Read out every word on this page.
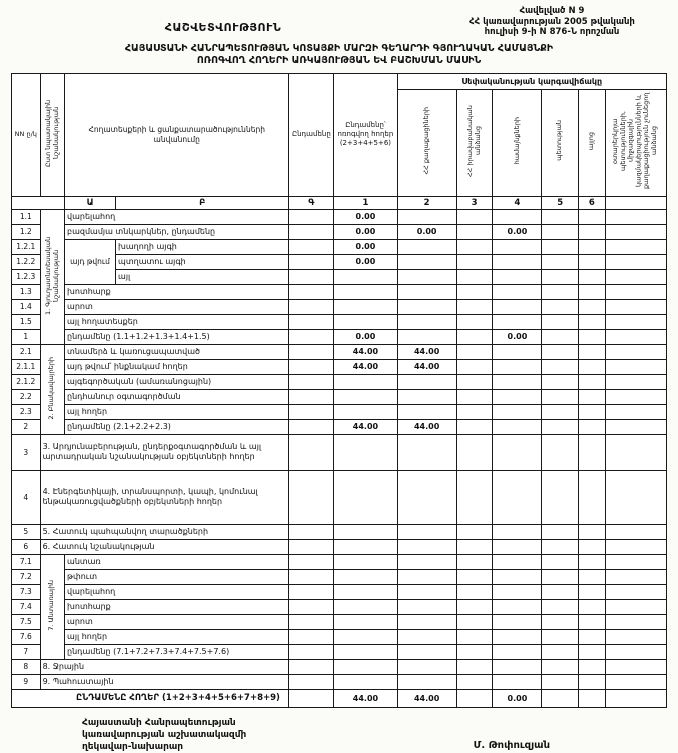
ՀԱՇՎԵՏՎՈՒԹՅՈՒՆ
Հավելված N 9
ՀՀ կառավարության 2005 թվականի
հուլիսի 9-ի N 876-Ն որոշման
ՀԱՅԱՍՏԱՆԻ ՀԱՆՐԱՊԵՏՈՒԹՅԱՆ ԿՈՏԱՅՔԻ ՄԱՐԶԻ ԳԵՂԱՐԴԻ ԳՅՈՒՂԱԿԱՆ ՀԱՄԱՅՆՔԻ
ՈՌՈԳՎՈՂ ՀՈՂԵՐԻ ԱՌԿԱՅՈՒԹՅԱՆ ԵՎ ԲԱՇԽՄԱՆ ՄԱՍԻՆ
NN ը/կ	Ըստ նպատակային նշանակության	Հողատեսքերի և ցանքատարածությունների անվանումը		Ընդամենը	Ընդամենը՝ ոռոգվող հողեր (2+3+4+5+6)	Սեփականության կարգավիճակը					
						ՀՀ քաղաքացիների	ՀՀ իրավաբանական անձանց	համայնքների	պետության	այլոց	օտարերկրյա պետությունների, միջազգային կազմակերպությունների և քաղաքացիություն չունեցող անձանց
		Ա	Բ	Գ	1	2	3	4	5	6	
1.1	1. Գյուղատնտեսական նշանակության	վարելահող			0.00						
1.2		բազմամյա տնկարկներ, ընդամենը			0.00	0.00		0.00			
1.2.1		այդ թվում	խաղողի այգի		0.00						
1.2.2			պտղատու այգի		0.00						
1.2.3			այլ								
1.3		խոտհարք									
1.4		արոտ									
1.5		այլ հողատեսքեր									
1		ընդամենը (1.1+1.2+1.3+1.4+1.5)			0.00			0.00			
2.1	2. Բնակավայրերի	տնամերձ և կառուցապատված			44.00	44.00					
2.1.1		այդ թվում՝ ինքնակամ հողեր			44.00	44.00					
2.1.2		այգեգործական (ամառանոցային)									
2.2		ընդհանուր օգտագործման									
2.3		այլ հողեր									
2		ընդամենը (2.1+2.2+2.3)			44.00	44.00					
3	3. Արդյունաբերության, ընդերքօգտագործման և այլ արտադրական նշանակության օբյեկտների հողեր										
4	4. Էներգետիկայի, տրանսպորտի, կապի, կոմունալ ենթակառուցվածքների օբյեկտների հողեր										
5	5. Հատուկ պահպանվող տարածքների										
6	6. Հատուկ նշանակության										
7.1	7. Անտառային	անտառ									
7.2		թփուտ									
7.3		վարելահող									
7.4		խոտհարք									
7.5		արոտ									
7.6		այլ հողեր									
7		ընդամենը (7.1+7.2+7.3+7.4+7.5+7.6)									
8	8. Ջրային										
9	9. Պահուստային										
ԸՆԴԱՄԵՆԸ ՀՈՂԵՐ (1+2+3+4+5+6+7+8+9)					44.00	44.00		0.00			
Հայաստանի Հանրապետության
կառավարության աշխատակազմի
ղեկավար-նախարար	Մ. Թոփուզյան
